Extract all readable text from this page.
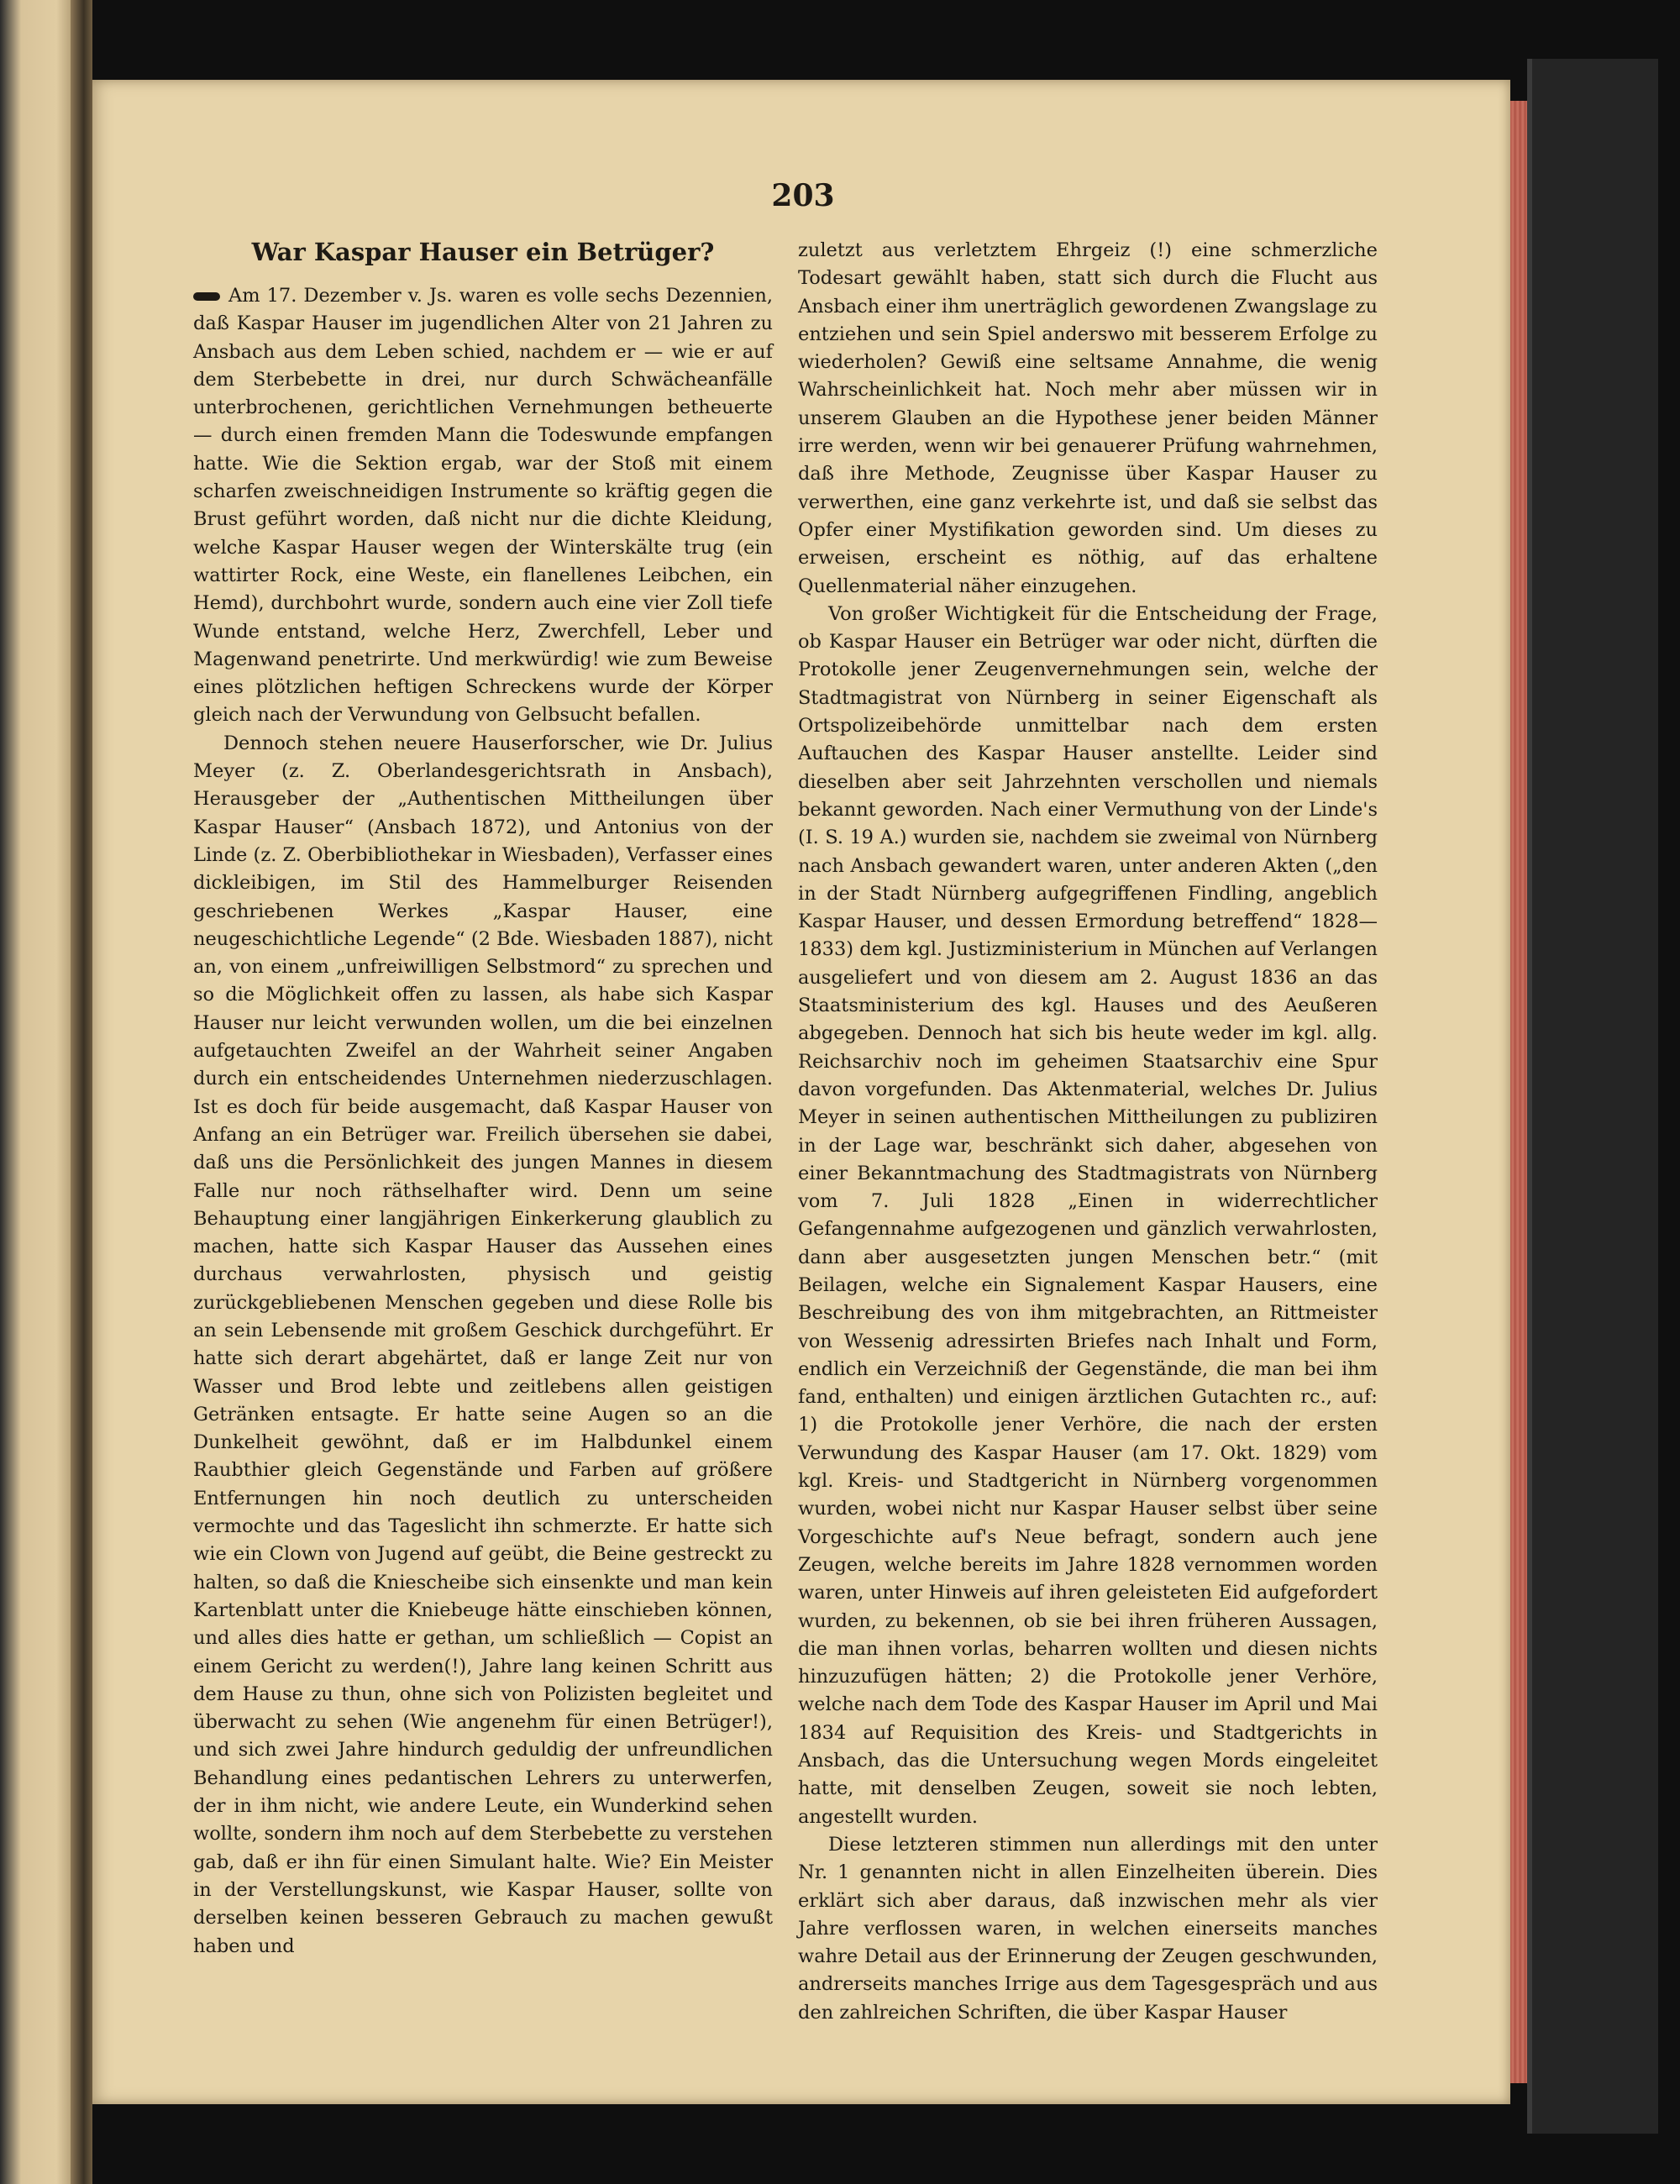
203
War Kaspar Hauser ein Betrüger?

Am 17. Dezember v. Js. waren es volle sechs Dezennien, daß Kaspar Hauser im jugendlichen Alter von 21 Jahren zu Ansbach aus dem Leben schied, nachdem er — wie er auf dem Sterbebette in drei, nur durch Schwächeanfälle unterbrochenen, gerichtlichen Vernehmungen betheuerte — durch einen fremden Mann die Todeswunde empfangen hatte. Wie die Sektion ergab, war der Stoß mit einem scharfen zweischneidigen Instrumente so kräftig gegen die Brust geführt worden, daß nicht nur die dichte Kleidung, welche Kaspar Hauser wegen der Winterskälte trug (ein wattirter Rock, eine Weste, ein flanellenes Leibchen, ein Hemd), durchbohrt wurde, sondern auch eine vier Zoll tiefe Wunde entstand, welche Herz, Zwerchfell, Leber und Magenwand penetrirte. Und merkwürdig! wie zum Beweise eines plötzlichen heftigen Schreckens wurde der Körper gleich nach der Verwundung von Gelbsucht befallen.

Dennoch stehen neuere Hauserforscher, wie Dr. Julius Meyer (z. Z. Oberlandesgerichtsrath in Ansbach), Herausgeber der „Authentischen Mittheilungen über Kaspar Hauser“ (Ansbach 1872), und Antonius von der Linde (z. Z. Oberbibliothekar in Wiesbaden), Verfasser eines dickleibigen, im Stil des Hammelburger Reisenden geschriebenen Werkes „Kaspar Hauser, eine neugeschichtliche Legende“ (2 Bde. Wiesbaden 1887), nicht an, von einem „unfreiwilligen Selbstmord“ zu sprechen und so die Möglichkeit offen zu lassen, als habe sich Kaspar Hauser nur leicht verwunden wollen, um die bei einzelnen aufgetauchten Zweifel an der Wahrheit seiner Angaben durch ein entscheidendes Unternehmen niederzuschlagen. Ist es doch für beide ausgemacht, daß Kaspar Hauser von Anfang an ein Betrüger war. Freilich übersehen sie dabei, daß uns die Persönlichkeit des jungen Mannes in diesem Falle nur noch räthselhafter wird. Denn um seine Behauptung einer langjährigen Einkerkerung glaublich zu machen, hatte sich Kaspar Hauser das Aussehen eines durchaus verwahrlosten, physisch und geistig zurückgebliebenen Menschen gegeben und diese Rolle bis an sein Lebensende mit großem Geschick durchgeführt. Er hatte sich derart abgehärtet, daß er lange Zeit nur von Wasser und Brod lebte und zeitlebens allen geistigen Getränken entsagte. Er hatte seine Augen so an die Dunkelheit gewöhnt, daß er im Halbdunkel einem Raubthier gleich Gegenstände und Farben auf größere Entfernungen hin noch deutlich zu unterscheiden vermochte und das Tageslicht ihn schmerzte. Er hatte sich wie ein Clown von Jugend auf geübt, die Beine gestreckt zu halten, so daß die Kniescheibe sich einsenkte und man kein Kartenblatt unter die Kniebeuge hätte einschieben können, und alles dies hatte er gethan, um schließlich — Copist an einem Gericht zu werden(!), Jahre lang keinen Schritt aus dem Hause zu thun, ohne sich von Polizisten begleitet und überwacht zu sehen (Wie angenehm für einen Betrüger!), und sich zwei Jahre hindurch geduldig der unfreundlichen Behandlung eines pedantischen Lehrers zu unterwerfen, der in ihm nicht, wie andere Leute, ein Wunderkind sehen wollte, sondern ihm noch auf dem Sterbebette zu verstehen gab, daß er ihn für einen Simulant halte. Wie? Ein Meister in der Verstellungskunst, wie Kaspar Hauser, sollte von derselben keinen besseren Gebrauch zu machen gewußt haben und

zuletzt aus verletztem Ehrgeiz (!) eine schmerzliche Todesart gewählt haben, statt sich durch die Flucht aus Ansbach einer ihm unerträglich gewordenen Zwangslage zu entziehen und sein Spiel anderswo mit besserem Erfolge zu wiederholen? Gewiß eine seltsame Annahme, die wenig Wahrscheinlichkeit hat. Noch mehr aber müssen wir in unserem Glauben an die Hypothese jener beiden Männer irre werden, wenn wir bei genauerer Prüfung wahrnehmen, daß ihre Methode, Zeugnisse über Kaspar Hauser zu verwerthen, eine ganz verkehrte ist, und daß sie selbst das Opfer einer Mystifikation geworden sind. Um dieses zu erweisen, erscheint es nöthig, auf das erhaltene Quellenmaterial näher einzugehen.

Von großer Wichtigkeit für die Entscheidung der Frage, ob Kaspar Hauser ein Betrüger war oder nicht, dürften die Protokolle jener Zeugenvernehmungen sein, welche der Stadtmagistrat von Nürnberg in seiner Eigenschaft als Ortspolizeibehörde unmittelbar nach dem ersten Auftauchen des Kaspar Hauser anstellte. Leider sind dieselben aber seit Jahrzehnten verschollen und niemals bekannt geworden. Nach einer Vermuthung von der Linde's (I. S. 19 A.) wurden sie, nachdem sie zweimal von Nürnberg nach Ansbach gewandert waren, unter anderen Akten („den in der Stadt Nürnberg aufgegriffenen Findling, angeblich Kaspar Hauser, und dessen Ermordung betreffend“ 1828—1833) dem kgl. Justizministerium in München auf Verlangen ausgeliefert und von diesem am 2. August 1836 an das Staatsministerium des kgl. Hauses und des Aeußeren abgegeben. Dennoch hat sich bis heute weder im kgl. allg. Reichsarchiv noch im geheimen Staatsarchiv eine Spur davon vorgefunden. Das Aktenmaterial, welches Dr. Julius Meyer in seinen authentischen Mittheilungen zu publiziren in der Lage war, beschränkt sich daher, abgesehen von einer Bekanntmachung des Stadtmagistrats von Nürnberg vom 7. Juli 1828 „Einen in widerrechtlicher Gefangennahme aufgezogenen und gänzlich verwahrlosten, dann aber ausgesetzten jungen Menschen betr.“ (mit Beilagen, welche ein Signalement Kaspar Hausers, eine Beschreibung des von ihm mitgebrachten, an Rittmeister von Wessenig adressirten Briefes nach Inhalt und Form, endlich ein Verzeichniß der Gegenstände, die man bei ihm fand, enthalten) und einigen ärztlichen Gutachten rc., auf: 1) die Protokolle jener Verhöre, die nach der ersten Verwundung des Kaspar Hauser (am 17. Okt. 1829) vom kgl. Kreis- und Stadtgericht in Nürnberg vorgenommen wurden, wobei nicht nur Kaspar Hauser selbst über seine Vorgeschichte auf's Neue befragt, sondern auch jene Zeugen, welche bereits im Jahre 1828 vernommen worden waren, unter Hinweis auf ihren geleisteten Eid aufgefordert wurden, zu bekennen, ob sie bei ihren früheren Aussagen, die man ihnen vorlas, beharren wollten und diesen nichts hinzuzufügen hätten; 2) die Protokolle jener Verhöre, welche nach dem Tode des Kaspar Hauser im April und Mai 1834 auf Requisition des Kreis- und Stadtgerichts in Ansbach, das die Untersuchung wegen Mords eingeleitet hatte, mit denselben Zeugen, soweit sie noch lebten, angestellt wurden.

Diese letzteren stimmen nun allerdings mit den unter Nr. 1 genannten nicht in allen Einzelheiten überein. Dies erklärt sich aber daraus, daß inzwischen mehr als vier Jahre verflossen waren, in welchen einerseits manches wahre Detail aus der Erinnerung der Zeugen geschwunden, andrerseits manches Irrige aus dem Tagesgespräch und aus den zahlreichen Schriften, die über Kaspar Hauser
